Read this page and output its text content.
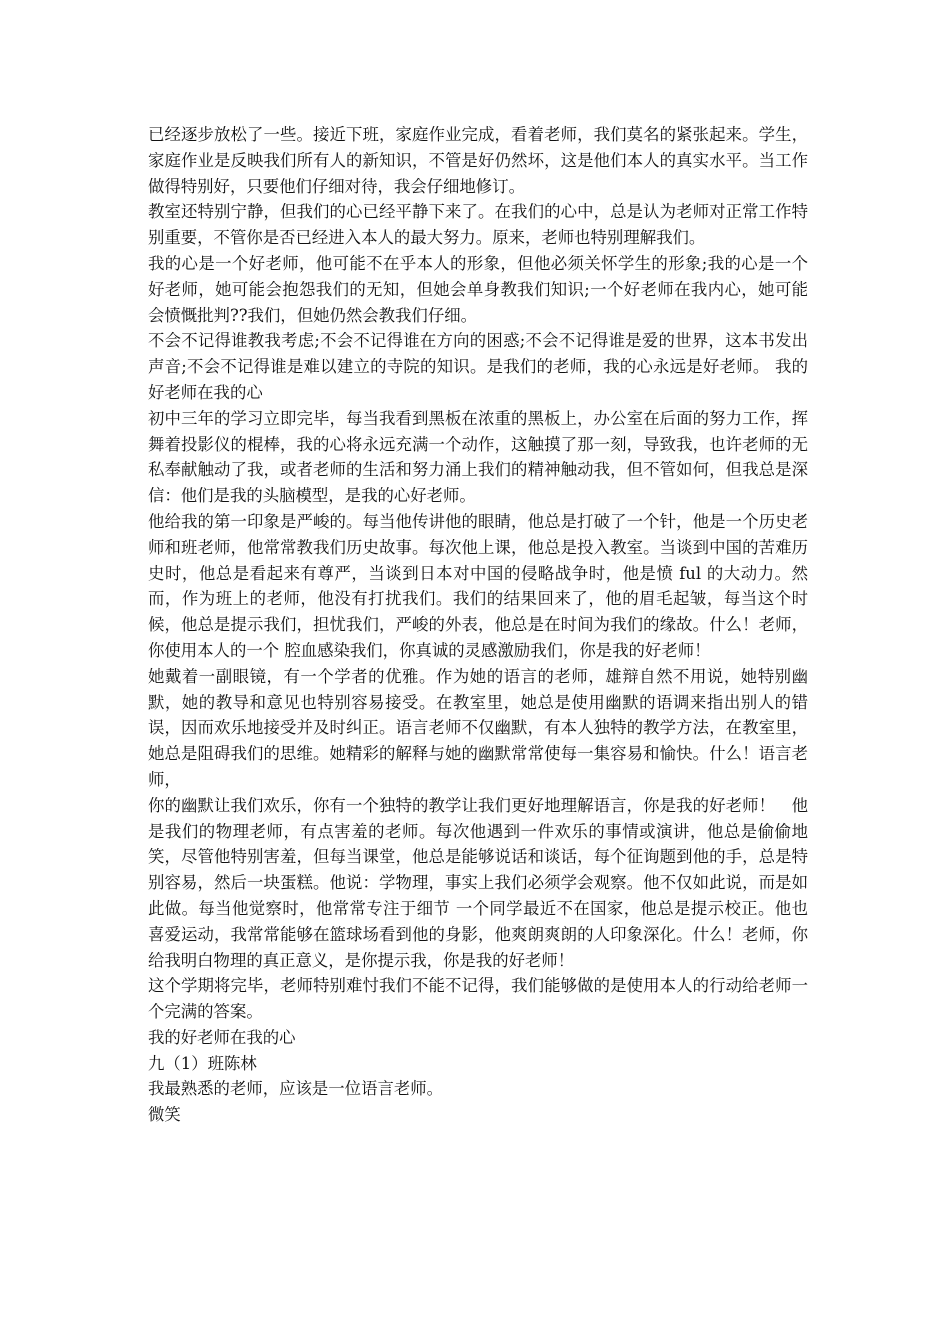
已经逐步放松了一些。接近下班，家庭作业完成，看着老师，我们莫名的紧张起来。学生，家庭作业是反映我们所有人的新知识，不管是好仍然坏，这是他们本人的真实水平。当工作做得特别好，只要他们仔细对待，我会仔细地修订。

教室还特别宁静，但我们的心已经平静下来了。在我们的心中，总是认为老师对正常工作特别重要，不管你是否已经进入本人的最大努力。原来，老师也特别理解我们。

我的心是一个好老师，他可能不在乎本人的形象，但他必须关怀学生的形象;我的心是一个好老师，她可能会抱怨我们的无知，但她会单身教我们知识;一个好老师在我内心，她可能会愤慨批判??我们，但她仍然会教我们仔细。

不会不记得谁教我考虑;不会不记得谁在方向的困惑;不会不记得谁是爱的世界，这本书发出声音;不会不记得谁是难以建立的寺院的知识。是我们的老师，我的心永远是好老师。 我的好老师在我的心

初中三年的学习立即完毕，每当我看到黑板在浓重的黑板上，办公室在后面的努力工作，挥舞着投影仪的棍棒，我的心将永远充满一个动作，这触摸了那一刻，导致我，也许老师的无私奉献触动了我，或者老师的生活和努力涌上我们的精神触动我，但不管如何，但我总是深信：他们是我的头脑模型，是我的心好老师。

他给我的第一印象是严峻的。每当他传讲他的眼睛，他总是打破了一个针，他是一个历史老师和班老师，他常常教我们历史故事。每次他上课，他总是投入教室。当谈到中国的苦难历史时，他总是看起来有尊严，当谈到日本对中国的侵略战争时，他是愤 ful 的大动力。然而，作为班上的老师，他没有打扰我们。我们的结果回来了，他的眉毛起皱，每当这个时候，他总是提示我们，担忧我们，严峻的外表，他总是在时间为我们的缘故。什么！老师，你使用本人的一个 腔血感染我们，你真诚的灵感激励我们，你是我的好老师！

她戴着一副眼镜，有一个学者的优雅。作为她的语言的老师，雄辩自然不用说，她特别幽默，她的教导和意见也特别容易接受。在教室里，她总是使用幽默的语调来指出别人的错误，因而欢乐地接受并及时纠正。语言老师不仅幽默，有本人独特的教学方法，在教室里，她总是阻碍我们的思维。她精彩的解释与她的幽默常常使每一集容易和愉快。什么！语言老师，

你的幽默让我们欢乐，你有一个独特的教学让我们更好地理解语言，你是我的好老师！　他是我们的物理老师，有点害羞的老师。每次他遇到一件欢乐的事情或演讲，他总是偷偷地笑，尽管他特别害羞，但每当课堂，他总是能够说话和谈话，每个征询题到他的手，总是特别容易，然后一块蛋糕。他说：学物理，事实上我们必须学会观察。他不仅如此说，而是如此做。每当他觉察时，他常常专注于细节 一个同学最近不在国家，他总是提示校正。他也喜爱运动，我常常能够在篮球场看到他的身影，他爽朗爽朗的人印象深化。什么！老师，你给我明白物理的真正意义，是你提示我，你是我的好老师！

这个学期将完毕，老师特别难忖我们不能不记得，我们能够做的是使用本人的行动给老师一个完满的答案。

我的好老师在我的心

九（1）班陈林

我最熟悉的老师，应该是一位语言老师。

微笑
